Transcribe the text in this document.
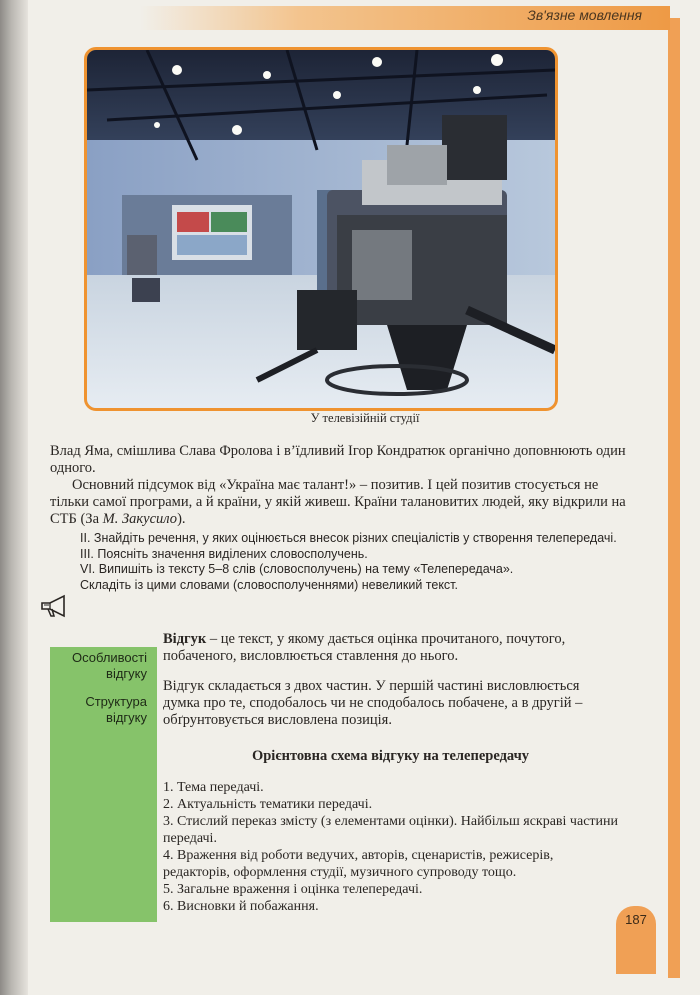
Зв'язне мовлення
У телевізійній студії

Влад Яма, смішлива Слава Фролова і в’їдливий Ігор Кондратюк органічно доповнюють один одного.

Основний підсумок від «Україна має талант!» – позитив. І цей позитив стосується не тільки самої програми, а й країни, у якій живеш. Країни талановитих людей, яку відкрили на СТБ (За М. Закусило).

II. Знайдіть речення, у яких оцінюється внесок різних спеціалістів у створення телепередачі.

III. Поясніть значення виділених словосполучень.

VI. Випишіть із тексту 5–8 слів (словосполучень) на тему «Телепередача».

Складіть із цими словами (словосполученнями) невеликий текст.

Особливості відгуку
Структура відгуку

Відгук – це текст, у якому дається оцінка прочитаного, почутого, побаченого, висловлюється ставлення до нього.

Відгук складається з двох частин. У першій частині висловлюється думка про те, сподобалось чи не сподобалось побачене, а в другій – обґрунтовується висловлена позиція.
Орієнтовна схема відгуку на телепередачу
1. Тема передачі.
2. Актуальність тематики передачі.
3. Стислий переказ змісту (з елементами оцінки). Найбільш яскраві частини передачі.
4. Враження від роботи ведучих, авторів, сценаристів, режисерів, редакторів, оформлення студії, музичного супроводу тощо.
5. Загальне враження і оцінка телепередачі.
6. Висновки й побажання.
187
